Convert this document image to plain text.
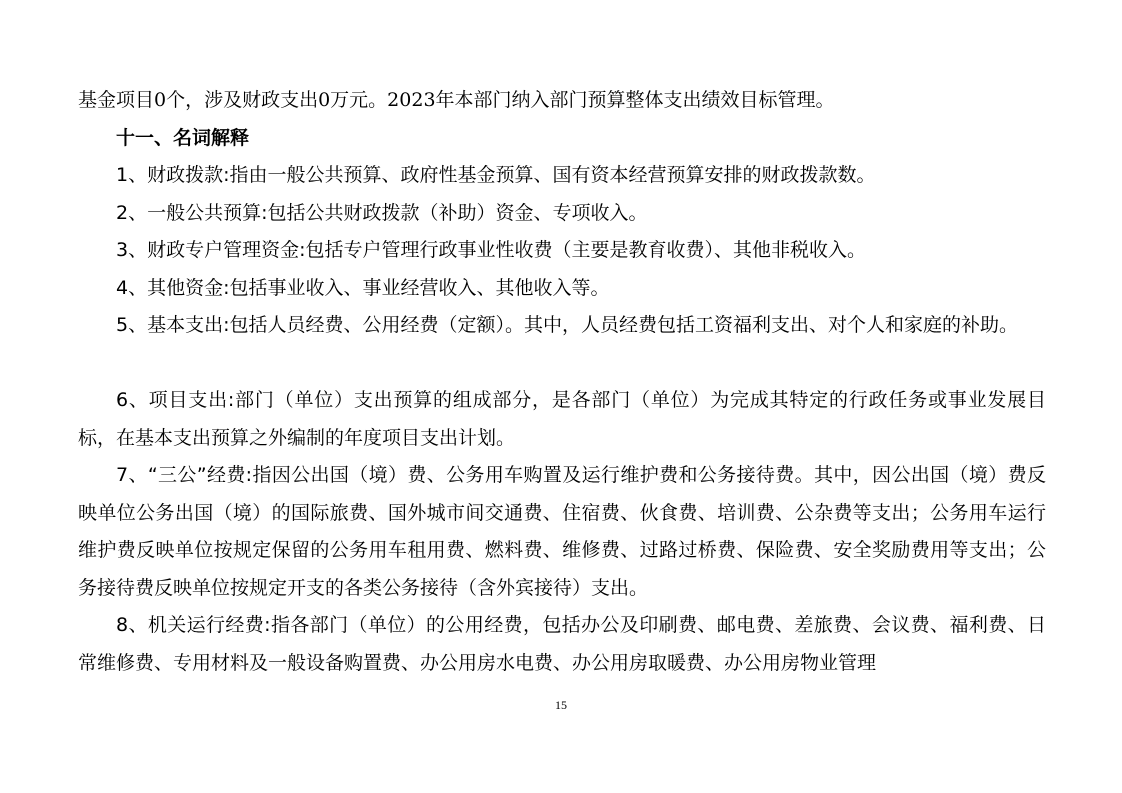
基金项目0个，涉及财政支出0万元。2023年本部门纳入部门预算整体支出绩效目标管理。

十一、名词解释

1、财政拨款:指由一般公共预算、政府性基金预算、国有资本经营预算安排的财政拨款数。

2、一般公共预算:包括公共财政拨款（补助）资金、专项收入。

3、财政专户管理资金:包括专户管理行政事业性收费（主要是教育收费）、其他非税收入。

4、其他资金:包括事业收入、事业经营收入、其他收入等。

5、基本支出:包括人员经费、公用经费（定额）。其中，人员经费包括工资福利支出、对个人和家庭的补助。

6、项目支出:部门（单位）支出预算的组成部分，是各部门（单位）为完成其特定的行政任务或事业发展目标，在基本支出预算之外编制的年度项目支出计划。

7、“三公”经费:指因公出国（境）费、公务用车购置及运行维护费和公务接待费。其中，因公出国（境）费反映单位公务出国（境）的国际旅费、国外城市间交通费、住宿费、伙食费、培训费、公杂费等支出；公务用车运行维护费反映单位按规定保留的公务用车租用费、燃料费、维修费、过路过桥费、保险费、安全奖励费用等支出；公务接待费反映单位按规定开支的各类公务接待（含外宾接待）支出。

8、机关运行经费:指各部门（单位）的公用经费，包括办公及印刷费、邮电费、差旅费、会议费、福利费、日常维修费、专用材料及一般设备购置费、办公用房水电费、办公用房取暖费、办公用房物业管理

15
